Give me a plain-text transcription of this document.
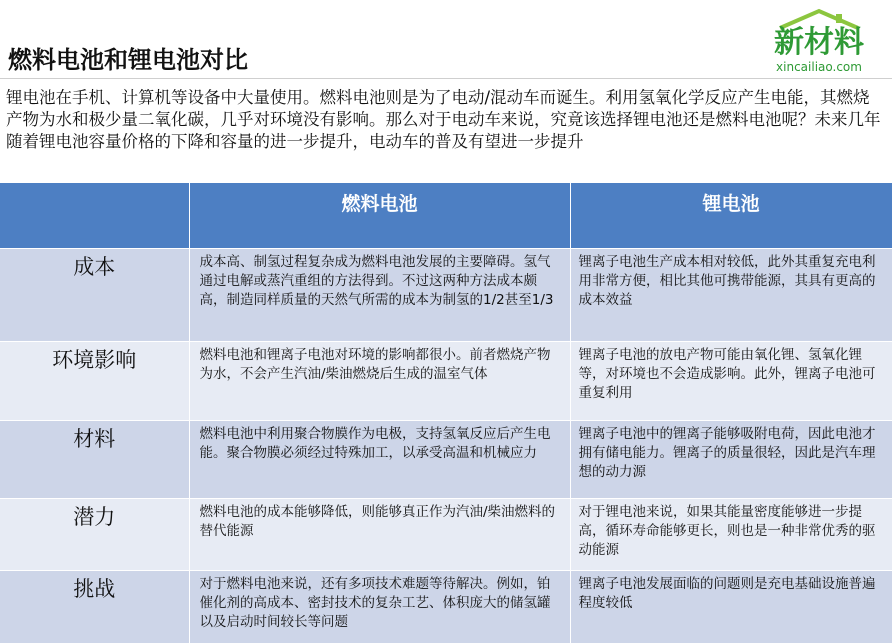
燃料电池和锂电池对比	新材料
xincailiao.com

锂电池在手机、计算机等设备中大量使用。燃料电池则是为了电动/混动车而诞生。利用氢氧化学反应产生电能，其燃烧产物为水和极少量二氧化碳，几乎对环境没有影响。那么对于电动车来说，究竟该选择锂电池还是燃料电池呢？未来几年随着锂电池容量价格的下降和容量的进一步提升，电动车的普及有望进一步提升

	燃料电池	锂电池
成本	成本高、制氢过程复杂成为燃料电池发展的主要障碍。氢气通过电解或蒸汽重组的方法得到。不过这两种方法成本颇高，制造同样质量的天然气所需的成本为制氢的1/2甚至1/3	锂离子电池生产成本相对较低，此外其重复充电利用非常方便，相比其他可携带能源，其具有更高的成本效益
环境影响	燃料电池和锂离子电池对环境的影响都很小。前者燃烧产物为水，不会产生汽油/柴油燃烧后生成的温室气体	锂离子电池的放电产物可能由氧化锂、氢氧化锂等，对环境也不会造成影响。此外，锂离子电池可重复利用
材料	燃料电池中利用聚合物膜作为电极，支持氢氧反应后产生电能。聚合物膜必须经过特殊加工，以承受高温和机械应力	锂离子电池中的锂离子能够吸附电荷，因此电池才拥有储电能力。锂离子的质量很轻，因此是汽车理想的动力源
潜力	燃料电池的成本能够降低，则能够真正作为汽油/柴油燃料的替代能源	对于锂电池来说，如果其能量密度能够进一步提高，循环寿命能够更长，则也是一种非常优秀的驱动能源
挑战	对于燃料电池来说，还有多项技术难题等待解决。例如，铂催化剂的高成本、密封技术的复杂工艺、体积庞大的储氢罐以及启动时间较长等问题	锂离子电池发展面临的问题则是充电基础设施普遍程度较低
